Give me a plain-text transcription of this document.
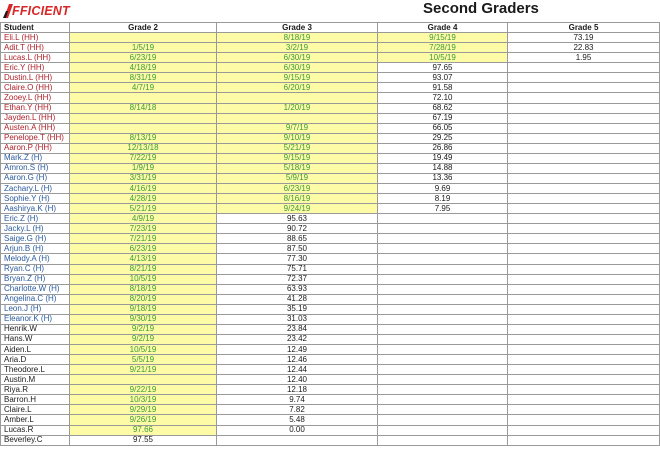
FFICIENT	Second Graders
Student	Grade 2	Grade 3	Grade 4	Grade 5
Eli.L (HH)		8/18/19	9/15/19	73.19
Adit.T (HH)	1/5/19	3/2/19	7/28/19	22.83
Lucas.L (HH)	6/23/19	6/30/19	10/5/19	1.95
Eric.Y (HH)	4/18/19	6/30/19	97.65	
Dustin.L (HH)	8/31/19	9/15/19	93.07	
Claire.O (HH)	4/7/19	6/20/19	91.58	
Zooey.L (HH)			72.10	
Ethan.Y (HH)	8/14/18	1/20/19	68.62	
Jayden.L (HH)			67.19	
Austen.A (HH)		9/7/19	66.05	
Penelope.T (HH)	8/13/19	9/10/19	29.25	
Aaron.P (HH)	12/13/18	5/21/19	26.86	
Mark.Z (H)	7/22/19	9/15/19	19.49	
Amron.S (H)	1/9/19	5/18/19	14.88	
Aaron.G (H)	3/31/19	5/9/19	13.36	
Zachary.L (H)	4/16/19	6/23/19	9.69	
Sophie.Y (H)	4/28/19	8/16/19	8.19	
Aashirya.K (H)	5/21/19	9/24/19	7.95	
Eric.Z (H)	4/9/19	95.63		
Jacky.L (H)	7/23/19	90.72		
Saige.G (H)	7/21/19	88.65		
Arjun.B (H)	6/23/19	87.50		
Melody.A (H)	4/13/19	77.30		
Ryan.C (H)	8/21/19	75.71		
Bryan.Z (H)	10/5/19	72.37		
Charlotte.W (H)	8/18/19	63.93		
Angelina.C (H)	8/20/19	41.28		
Leon.J (H)	9/18/19	35.19		
Eleanor.K (H)	9/30/19	31.03		
Henrik.W	9/2/19	23.84		
Hans.W	9/2/19	23.42		
Aiden.L	10/5/19	12.49		
Aria.D	5/5/19	12.46		
Theodore.L	9/21/19	12.44		
Austin.M		12.40		
Riya.R	9/22/19	12.18		
Barron.H	10/3/19	9.74		
Claire.L	9/29/19	7.82		
Amber.L	9/26/19	5.48		
Lucas.R	97.66	0.00		
Beverley.C	97.55			
